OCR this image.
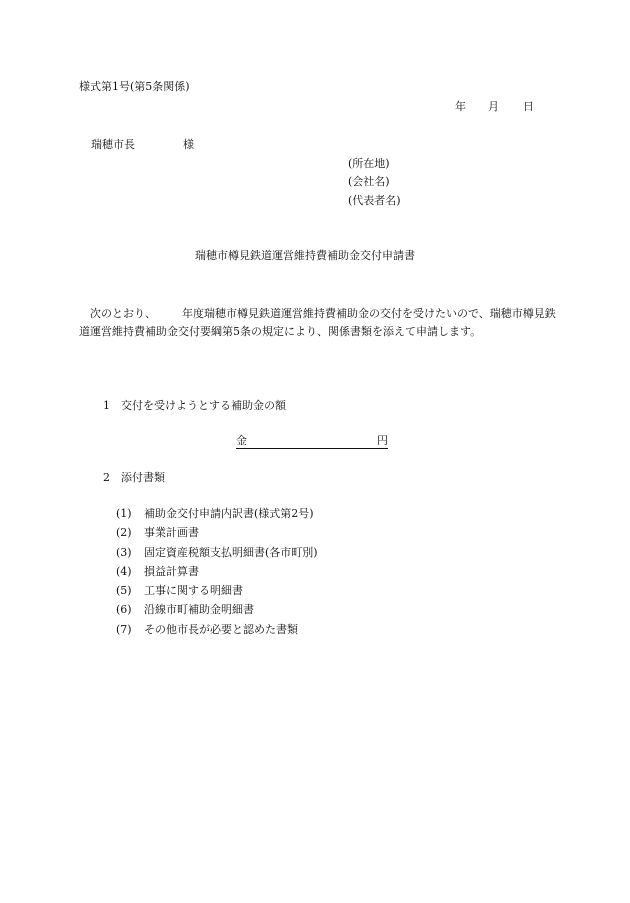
様式第1号(第5条関係)
年 月 日
瑞穂市長	様
(所在地)
(会社名)
(代表者名)
瑞穂市樽見鉄道運営維持費補助金交付申請書
次のとおり、 年度瑞穂市樽見鉄道運営維持費補助金の交付を受けたいので、瑞穂市樽見鉄道運営維持費補助金交付要綱第5条の規定により、関係書類を添えて申請します。
1 交付を受けようとする補助金の額
金	円
2 添付書類
(1)	補助金交付申請内訳書(様式第2号)
(2)	事業計画書
(3)	固定資産税額支払明細書(各市町別)
(4)	損益計算書
(5)	工事に関する明細書
(6)	沿線市町補助金明細書
(7)	その他市長が必要と認めた書類
